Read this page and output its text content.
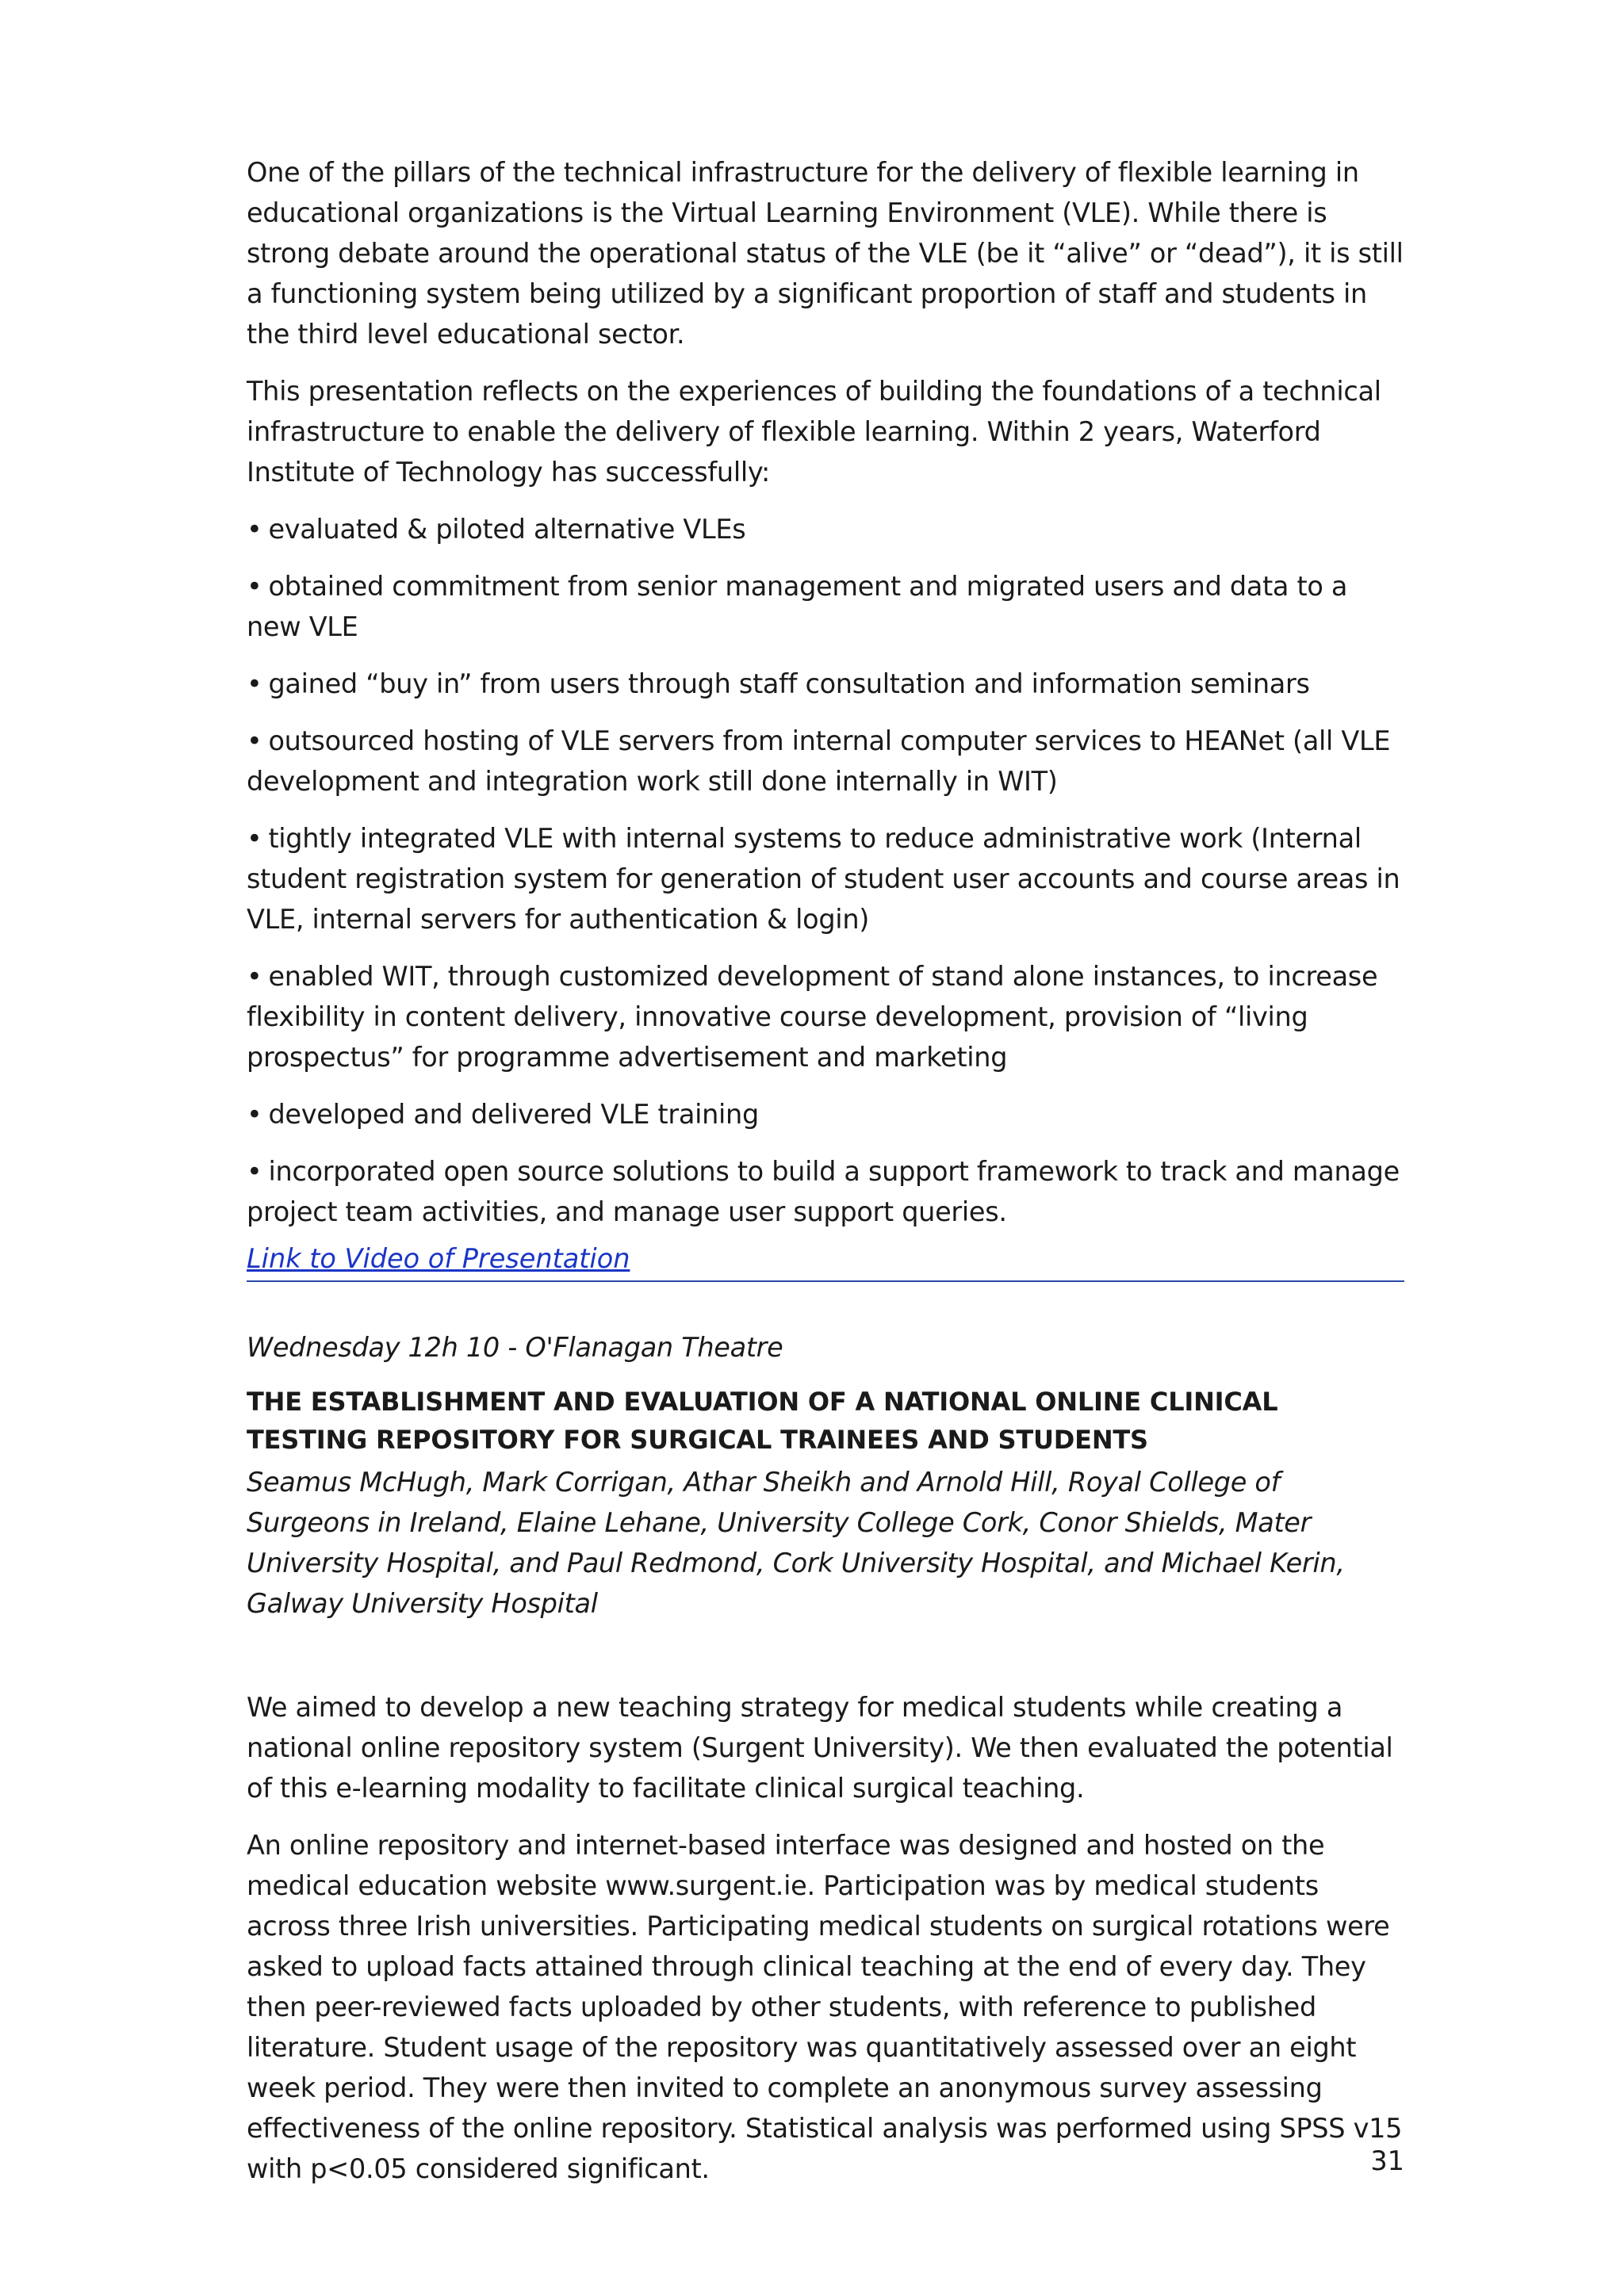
One of the pillars of the technical infrastructure for the delivery of flexible learning in educational organizations is the Virtual Learning Environment (VLE). While there is strong debate around the operational status of the VLE (be it “alive” or “dead”), it is still a functioning system being utilized by a significant proportion of staff and students in the third level educational sector.

This presentation reflects on the experiences of building the foundations of a technical infrastructure to enable the delivery of flexible learning. Within 2 years, Waterford Institute of Technology has successfully:

• evaluated & piloted alternative VLEs

• obtained commitment from senior management and migrated users and data to a new VLE

• gained “buy in” from users through staff consultation and information seminars

• outsourced hosting of VLE servers from internal computer services to HEANet (all VLE development and integration work still done internally in WIT)

• tightly integrated VLE with internal systems to reduce administrative work (Internal student registration system for generation of student user accounts and course areas in VLE, internal servers for authentication & login)

• enabled WIT, through customized development of stand alone instances, to increase flexibility in content delivery, innovative course development, provision of “living prospectus” for programme advertisement and marketing

• developed and delivered VLE training

• incorporated open source solutions to build a support framework to track and manage project team activities, and manage user support queries.

Link to Video of Presentation

Wednesday 12h 10 - O'Flanagan Theatre

THE ESTABLISHMENT AND EVALUATION OF A NATIONAL ONLINE CLINICAL TESTING REPOSITORY FOR SURGICAL TRAINEES AND STUDENTS

Seamus McHugh, Mark Corrigan, Athar Sheikh and Arnold Hill, Royal College of Surgeons in Ireland, Elaine Lehane, University College Cork, Conor Shields, Mater University Hospital, and Paul Redmond, Cork University Hospital, and Michael Kerin, Galway University Hospital

We aimed to develop a new teaching strategy for medical students while creating a national online repository system (Surgent University). We then evaluated the potential of this e-learning modality to facilitate clinical surgical teaching.

An online repository and internet-based interface was designed and hosted on the medical education website www.surgent.ie. Participation was by medical students across three Irish universities. Participating medical students on surgical rotations were asked to upload facts attained through clinical teaching at the end of every day. They then peer-reviewed facts uploaded by other students, with reference to published literature. Student usage of the repository was quantitatively assessed over an eight week period. They were then invited to complete an anonymous survey assessing effectiveness of the online repository. Statistical analysis was performed using SPSS v15 with p<0.05 considered significant.	31
